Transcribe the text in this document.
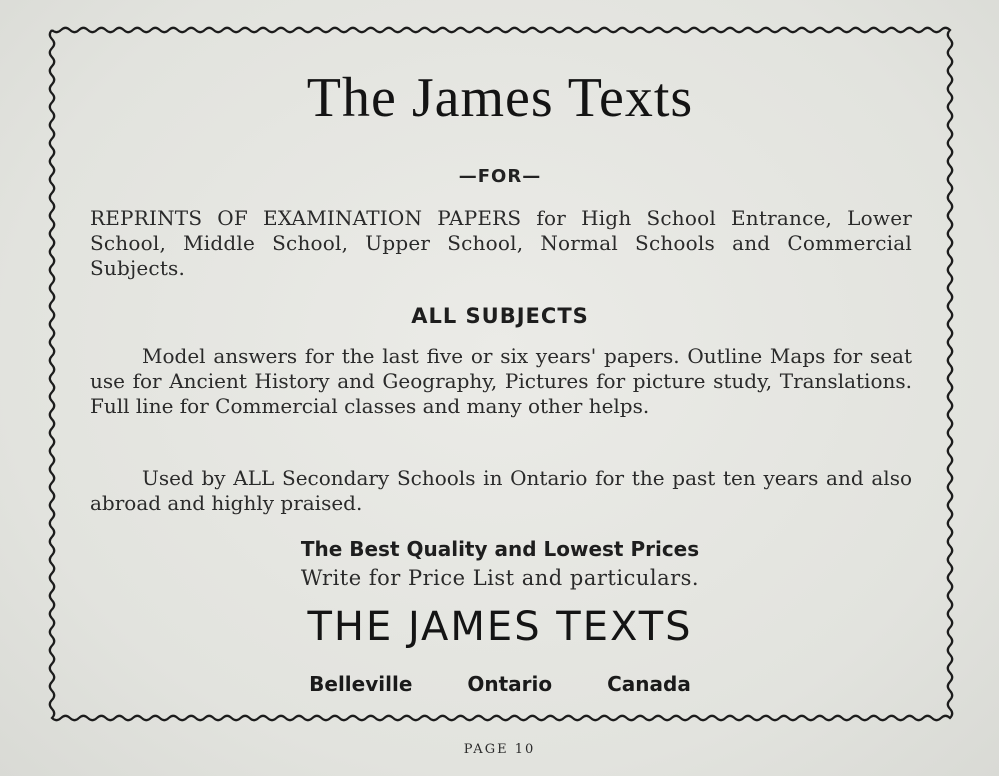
The James Texts
—FOR—

REPRINTS OF EXAMINATION PAPERS for High School Entrance, Lower School, Middle School, Upper School, Normal Schools and Commercial Subjects.

ALL SUBJECTS

Model answers for the last five or six years' papers. Outline Maps for seat use for Ancient History and Geography, Pictures for picture study, Translations. Full line for Commercial classes and many other helps.

Used by ALL Secondary Schools in Ontario for the past ten years and also abroad and highly praised.

The Best Quality and Lowest Prices
Write for Price List and particulars.
THE JAMES TEXTS
Belleville	Ontario	Canada
PAGE 10
